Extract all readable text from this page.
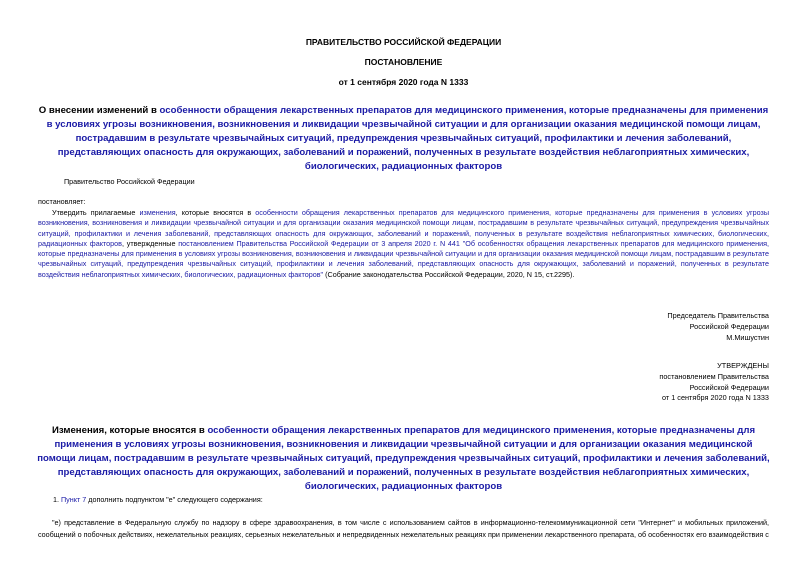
ПРАВИТЕЛЬСТВО РОССИЙСКОЙ ФЕДЕРАЦИИ
ПОСТАНОВЛЕНИЕ
от 1 сентября 2020 года N 1333
О внесении изменений в особенности обращения лекарственных препаратов для медицинского применения, которые предназначены для применения в условиях угрозы возникновения, возникновения и ликвидации чрезвычайной ситуации и для организации оказания медицинской помощи лицам, пострадавшим в результате чрезвычайных ситуаций, предупреждения чрезвычайных ситуаций, профилактики и лечения заболеваний, представляющих опасность для окружающих, заболеваний и поражений, полученных в результате воздействия неблагоприятных химических, биологических, радиационных факторов
Правительство Российской Федерации
постановляет:
Утвердить прилагаемые изменения, которые вносятся в особенности обращения лекарственных препаратов для медицинского применения, которые предназначены для применения в условиях угрозы возникновения, возникновения и ликвидации чрезвычайной ситуации и для организации оказания медицинской помощи лицам, пострадавшим в результате чрезвычайных ситуаций, предупреждения чрезвычайных ситуаций, профилактики и лечения заболеваний, представляющих опасность для окружающих, заболеваний и поражений, полученных в результате воздействия неблагоприятных химических, биологических, радиационных факторов, утвержденные постановлением Правительства Российской Федерации от 3 апреля 2020 г. N 441 "Об особенностях обращения лекарственных препаратов для медицинского применения, которые предназначены для применения в условиях угрозы возникновения, возникновения и ликвидации чрезвычайной ситуации и для организации оказания медицинской помощи лицам, пострадавшим в результате чрезвычайных ситуаций, предупреждения чрезвычайных ситуаций, профилактики и лечения заболеваний, представляющих опасность для окружающих, заболеваний и поражений, полученных в результате воздействия неблагоприятных химических, биологических, радиационных факторов" (Собрание законодательства Российской Федерации, 2020, N 15, ст.2295).
Председатель Правительства
Российской Федерации
М.Мишустин
УТВЕРЖДЕНЫ
постановлением Правительства
Российской Федерации
от 1 сентября 2020 года N 1333
Изменения, которые вносятся в особенности обращения лекарственных препаратов для медицинского применения, которые предназначены для применения в условиях угрозы возникновения, возникновения и ликвидации чрезвычайной ситуации и для организации оказания медицинской помощи лицам, пострадавшим в результате чрезвычайных ситуаций, предупреждения чрезвычайных ситуаций, профилактики и лечения заболеваний, представляющих опасность для окружающих, заболеваний и поражений, полученных в результате воздействия неблагоприятных химических, биологических, радиационных факторов
1. Пункт 7 дополнить подпунктом "е" следующего содержания:
"е) представление в Федеральную службу по надзору в сфере здравоохранения, в том числе с использованием сайтов в информационно-телекоммуникационной сети "Интернет" и мобильных приложений, сообщений о побочных действиях, нежелательных реакциях, серьезных нежелательных и непредвиденных нежелательных реакциях при применении лекарственного препарата, об особенностях его взаимодействия с
